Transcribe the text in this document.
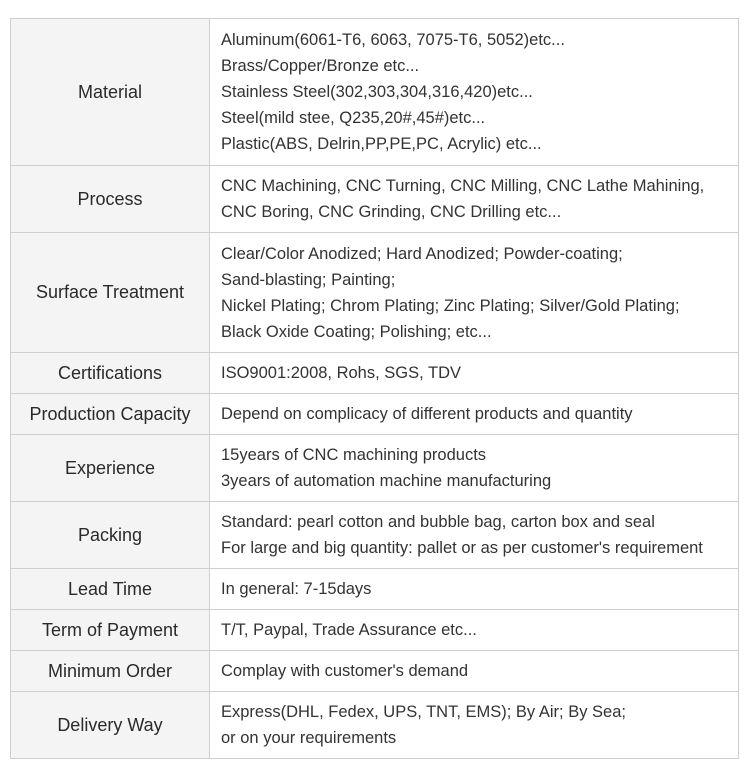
Material	Aluminum(6061-T6, 6063, 7075-T6, 5052)etc...
Brass/Copper/Bronze etc...
Stainless Steel(302,303,304,316,420)etc...
Steel(mild stee, Q235,20#,45#)etc...
Plastic(ABS, Delrin,PP,PE,PC, Acrylic) etc...

Process	CNC Machining, CNC Turning, CNC Milling, CNC Lathe Mahining,
CNC Boring, CNC Grinding, CNC Drilling etc...

Surface Treatment	Clear/Color Anodized; Hard Anodized; Powder-coating;
Sand-blasting; Painting;
Nickel Plating; Chrom Plating; Zinc Plating; Silver/Gold Plating;
Black Oxide Coating; Polishing; etc...

Certifications	ISO9001:2008, Rohs, SGS, TDV

Production Capacity	Depend on complicacy of different products and quantity

Experience	15years of CNC machining products
3years of automation machine manufacturing

Packing	Standard: pearl cotton and bubble bag, carton box and seal
For large and big quantity: pallet or as per customer's requirement

Lead Time	In general: 7-15days

Term of Payment	T/T, Paypal, Trade Assurance etc...

Minimum Order	Complay with customer's demand

Delivery Way	Express(DHL, Fedex, UPS, TNT, EMS); By Air; By Sea;
or on your requirements
